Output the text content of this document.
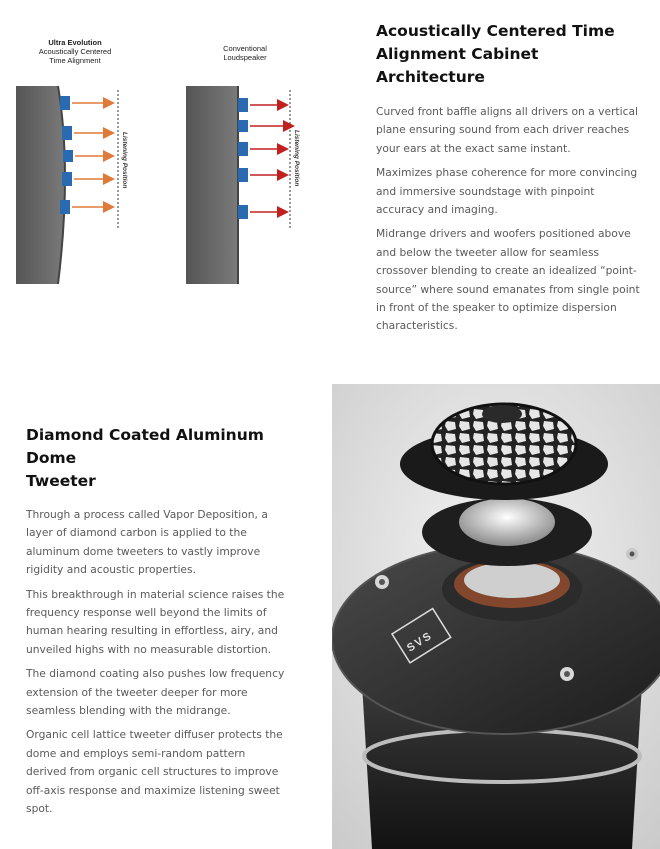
Ultra Evolution
Acoustically Centered
Time Alignment
Conventional
Loudspeaker
Listening Position	Listening Position
Acoustically Centered Time
Alignment Cabinet Architecture

Curved front baffle aligns all drivers on a vertical plane ensuring sound from each driver reaches your ears at the exact same instant.

Maximizes phase coherence for more convincing and immersive soundstage with pinpoint accuracy and imaging.

Midrange drivers and woofers positioned above and below the tweeter allow for seamless crossover blending to create an idealized “point-source” where sound emanates from single point in front of the speaker to optimize dispersion characteristics.

Diamond Coated Aluminum Dome
Tweeter

Through a process called Vapor Deposition, a layer of diamond carbon is applied to the aluminum dome tweeters to vastly improve rigidity and acoustic properties.

This breakthrough in material science raises the frequency response well beyond the limits of human hearing resulting in effortless, airy, and unveiled highs with no measurable distortion.

The diamond coating also pushes low frequency extension of the tweeter deeper for more seamless blending with the midrange.

Organic cell lattice tweeter diffuser protects the dome and employs semi-random pattern derived from organic cell structures to improve off-axis response and maximize listening sweet spot.

SVS
